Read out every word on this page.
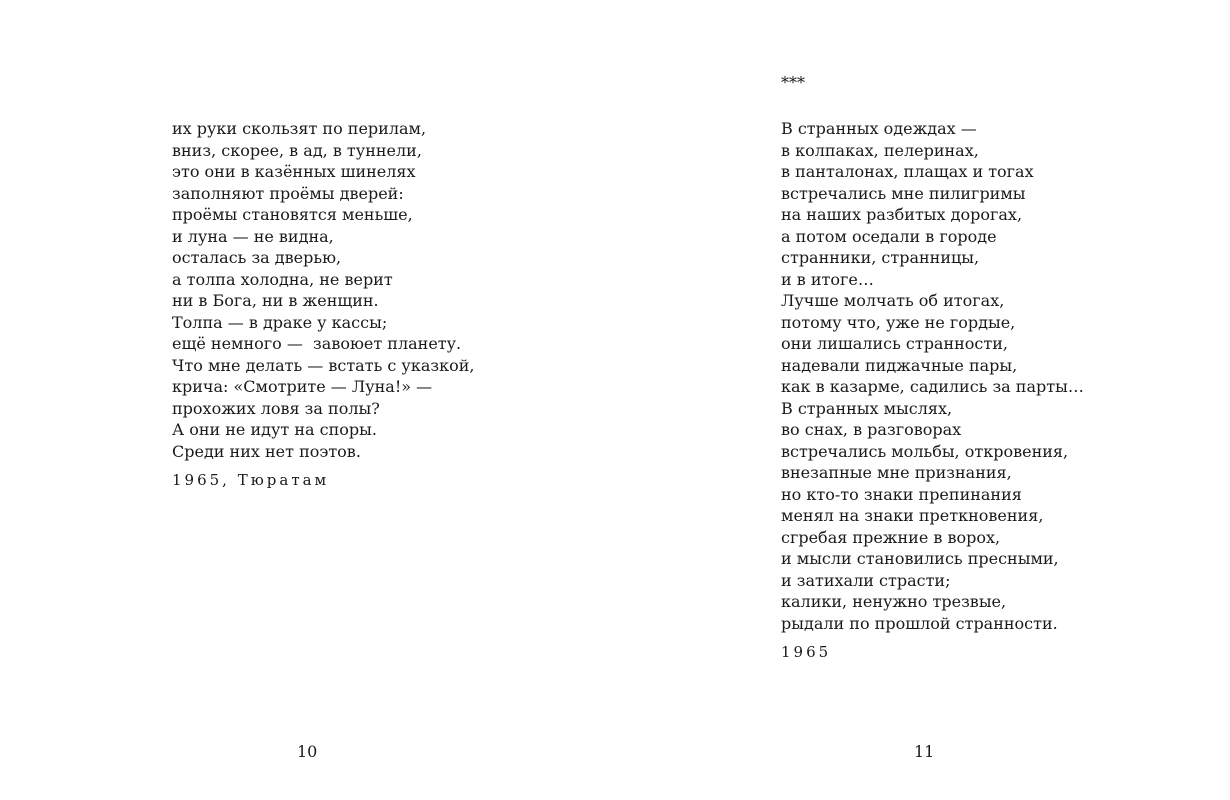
их руки скользят по перилам,
вниз, скорее, в ад, в туннели,
это они в казённых шинелях
заполняют проёмы дверей:
проёмы становятся меньше,
и луна — не видна,
осталась за дверью,
а толпа холодна, не верит
ни в Бога, ни в женщин.
Толпа — в драке у кассы;
ещё немного —  завоюет планету.
Что мне делать — встать с указкой,
крича: «Смотрите — Луна!» —
прохожих ловя за полы?
А они не идут на споры.
Среди них нет поэтов.
1965, Тюратам
10
***
В странных одеждах —
в колпаках, пелеринах,
в панталонах, плащах и тогах
встречались мне пилигримы
на наших разбитых дорогах,
а потом оседали в городе
странники, странницы,
и в итоге…
Лучше молчать об итогах,
потому что, уже не гордые,
они лишались странности,
надевали пиджачные пары,
как в казарме, садились за парты…
В странных мыслях,
во снах, в разговорах
встречались мольбы, откровения,
внезапные мне признания,
но кто-то знаки препинания
менял на знаки преткновения,
сгребая прежние в ворох,
и мысли становились пресными,
и затихали страсти;
калики, ненужно трезвые,
рыдали по прошлой странности.
1965
11
